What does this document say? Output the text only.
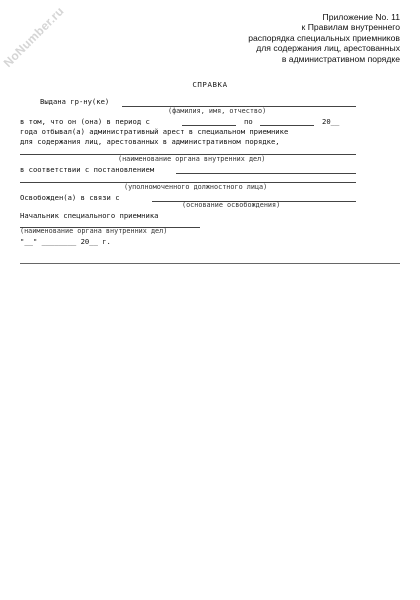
NoNumber.ru	Приложение No. 11
к Правилам внутреннего
распорядка специальных приемников
для содержания лиц, арестованных
в административном порядке
СПРАВКА
Выдана гр-ну(ке)
(фамилия, имя, отчество)
в том, что он (она) в период с	по	20__
года отбывал(а) административный арест в специальном приемнике
для содержания лиц, арестованных в административном порядке,
(наименование органа внутренних дел)
в соответствии с постановлением
(уполномоченного должностного лица)
Освобожден(а) в связи с
(основание освобождения)
Начальник специального приемника
(наименование органа внутренних дел)
"__" ________ 20__ г.
